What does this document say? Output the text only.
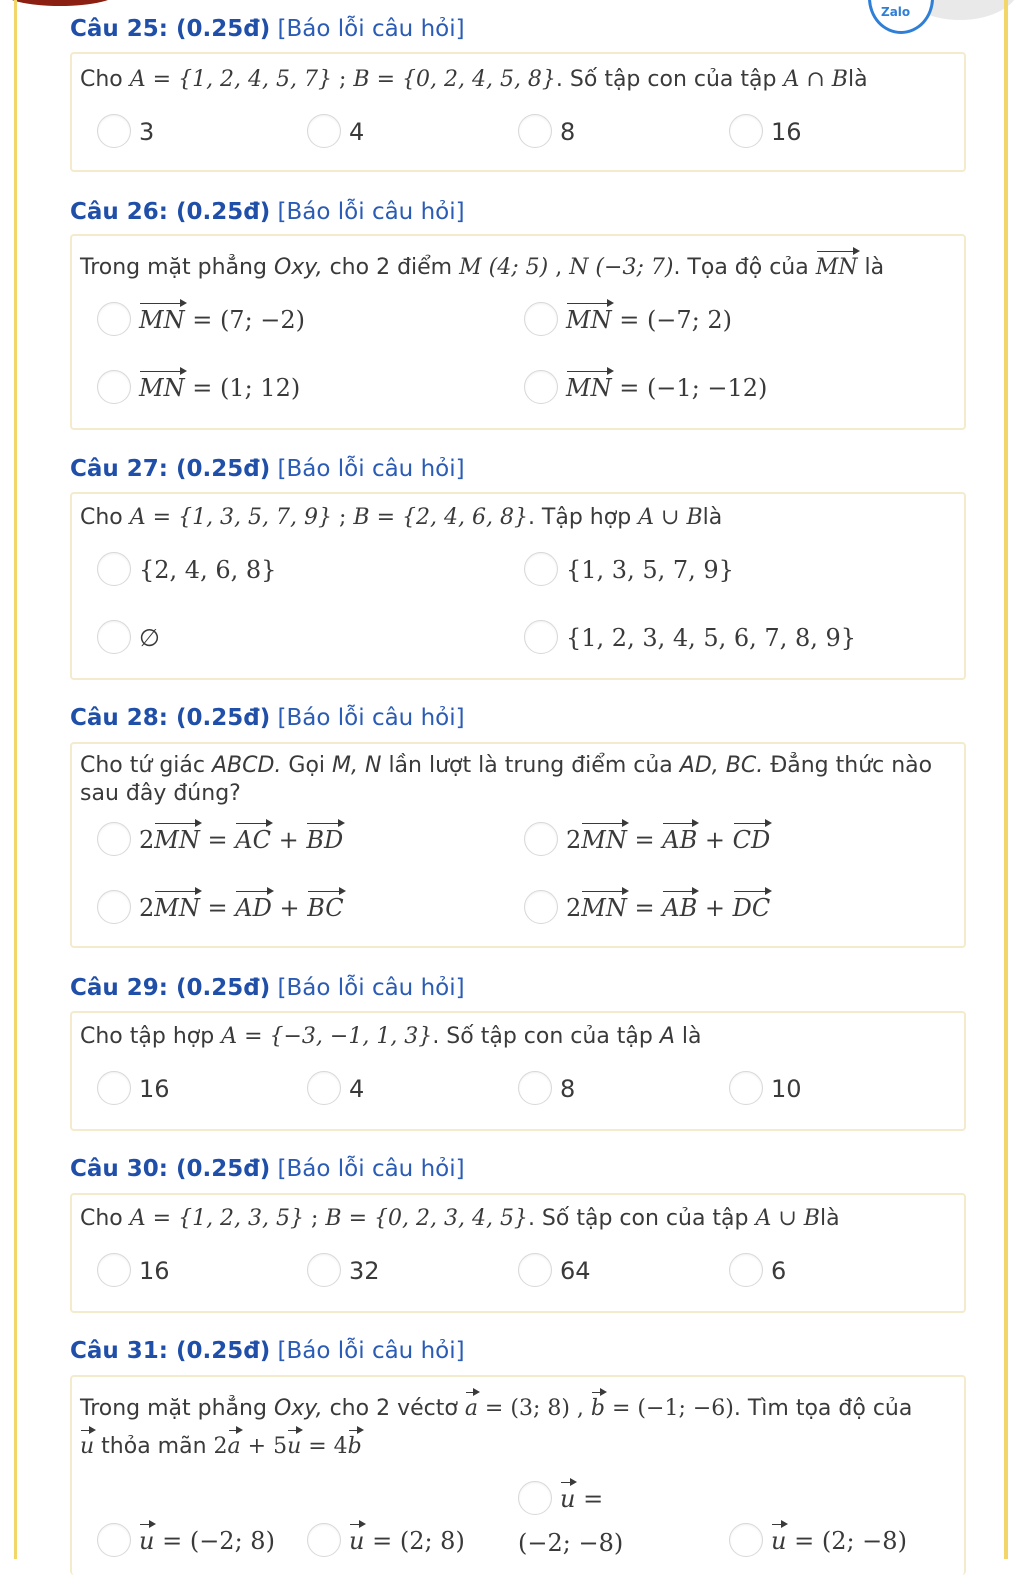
Zalo
Câu 25: (0.25đ) [Báo lỗi câu hỏi]
Cho A = {1, 2, 4, 5, 7} ; B = {0, 2, 4, 5, 8}. Số tập con của tập A ∩ Blà
3	4	8	16
Câu 26: (0.25đ) [Báo lỗi câu hỏi]
Trong mặt phẳng Oxy, cho 2 điểm M (4; 5) , N (−3; 7). Tọa độ của MN là
MN = (7; −2)	MN = (−7; 2)
MN = (1; 12)	MN = (−1; −12)
Câu 27: (0.25đ) [Báo lỗi câu hỏi]
Cho A = {1, 3, 5, 7, 9} ; B = {2, 4, 6, 8}. Tập hợp A ∪ Blà
{2, 4, 6, 8}	{1, 3, 5, 7, 9}
∅	{1, 2, 3, 4, 5, 6, 7, 8, 9}
Câu 28: (0.25đ) [Báo lỗi câu hỏi]
Cho tứ giác ABCD. Gọi M, N lần lượt là trung điểm của AD, BC. Đẳng thức nào
sau đây đúng?
2MN = AC + BD	2MN = AB + CD
2MN = AD + BC	2MN = AB + DC
Câu 29: (0.25đ) [Báo lỗi câu hỏi]
Cho tập hợp A = {−3, −1, 1, 3}. Số tập con của tập A là
16	4	8	10
Câu 30: (0.25đ) [Báo lỗi câu hỏi]
Cho A = {1, 2, 3, 5} ; B = {0, 2, 3, 4, 5}. Số tập con của tập A ∪ Blà
16	32	64	6
Câu 31: (0.25đ) [Báo lỗi câu hỏi]
Trong mặt phẳng Oxy, cho 2 véctơ a = (3; 8) , b = (−1; −6). Tìm tọa độ của
u thỏa mãn 2a + 5u = 4b
u = (−2; 8)	u = (2; 8)
u =
(−2; −8)	u = (2; −8)
